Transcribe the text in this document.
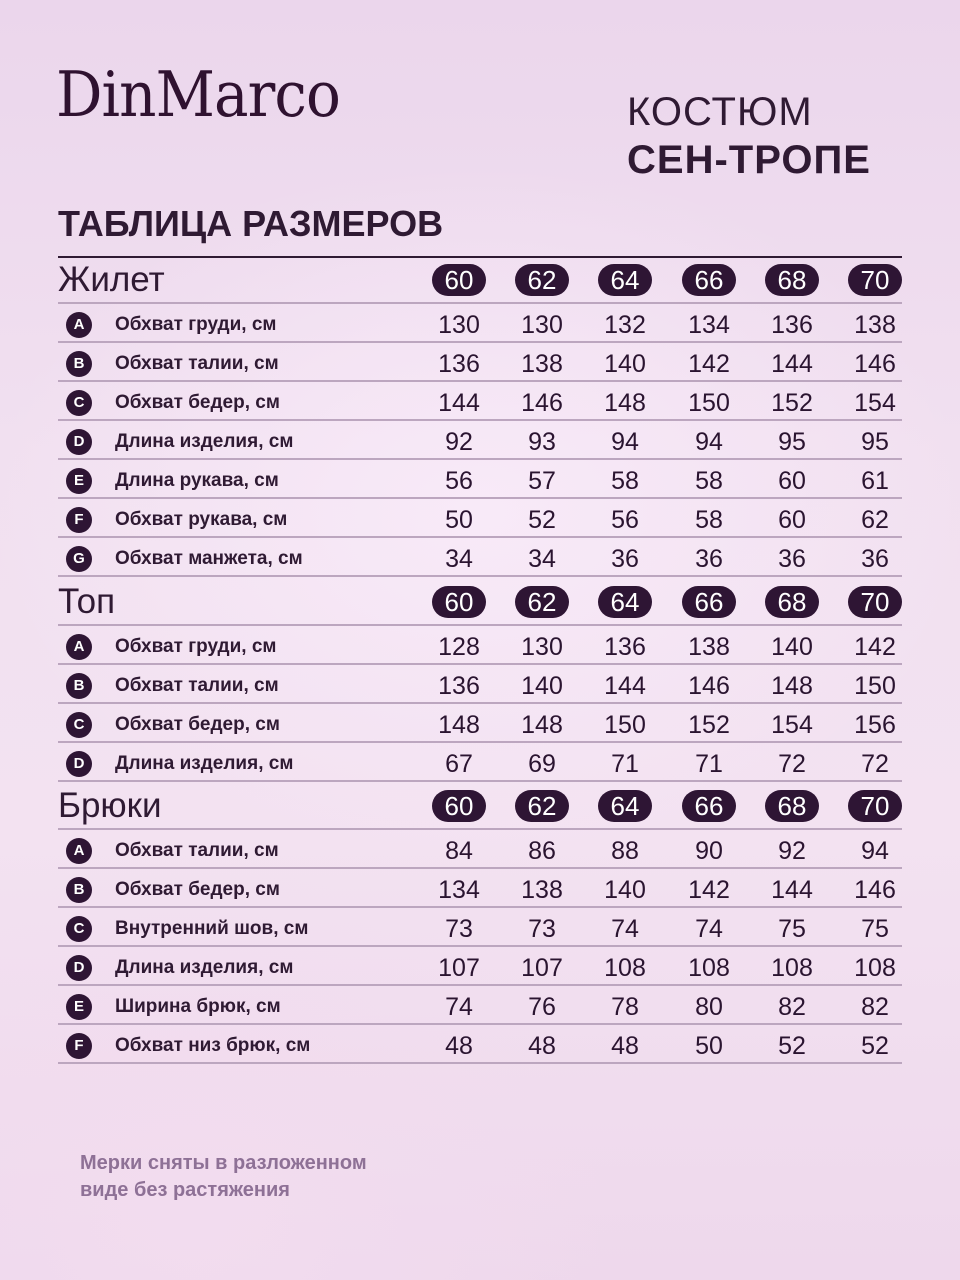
DinMarco	КОСТЮМ
СЕН-ТРОПЕ
ТАБЛИЦА РАЗМЕРОВ
Жилет	60	62	64	66	68	70
A	Обхват груди, см	130	130	132	134	136	138
B	Обхват талии, см	136	138	140	142	144	146
C	Обхват бедер, см	144	146	148	150	152	154
D	Длина изделия, см	92	93	94	94	95	95
E	Длина рукава, см	56	57	58	58	60	61
F	Обхват рукава, см	50	52	56	58	60	62
G	Обхват манжета, см	34	34	36	36	36	36
Топ	60	62	64	66	68	70
A	Обхват груди, см	128	130	136	138	140	142
B	Обхват талии, см	136	140	144	146	148	150
C	Обхват бедер, см	148	148	150	152	154	156
D	Длина изделия, см	67	69	71	71	72	72
Брюки	60	62	64	66	68	70
A	Обхват талии, см	84	86	88	90	92	94
B	Обхват бедер, см	134	138	140	142	144	146
C	Внутренний шов, см	73	73	74	74	75	75
D	Длина изделия, см	107	107	108	108	108	108
E	Ширина брюк, см	74	76	78	80	82	82
F	Обхват низ брюк, см	48	48	48	50	52	52
Мерки сняты в разложенном
виде без растяжения
